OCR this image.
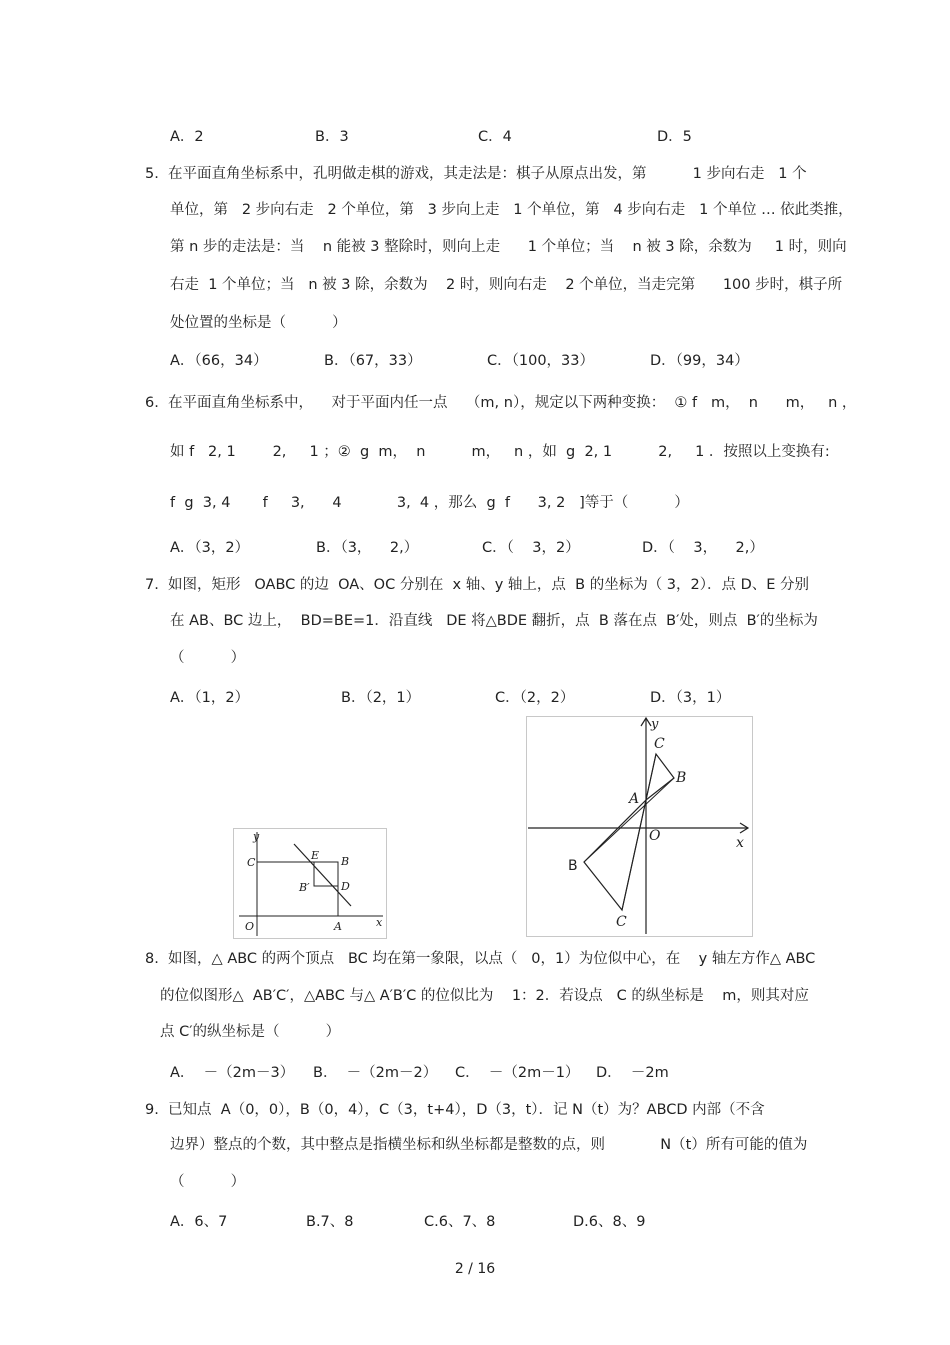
A．2	B．3	C．4	D．5
5.  在平面直角坐标系中，孔明做走棋的游戏，其走法是：棋子从原点出发，第          1 步向右走   1 个
单位，第   2 步向右走   2 个单位，第   3 步向上走   1 个单位，第   4 步向右走   1 个单位 … 依此类推，
第 n 步的走法是：当    n 能被 3 整除时，则向上走      1 个单位；当    n 被 3 除，余数为     1 时，则向
右走  1 个单位；当   n 被 3 除，余数为    2 时，则向右走    2 个单位，当走完第      100 步时，棋子所
处位置的坐标是（          ）
A．（66，34）	B．（67，33）	C．（100，33）	D．（99，34）
6.  在平面直角坐标系中，    对于平面内任一点    （m, n），规定以下两种变换：  ① f   m，  n      m，   n ，
如 f   2, 1        2,     1 ；②  g  m，  n          m，   n ，如  g  2, 1          2,     1 ．按照以上变换有:
f  g  3, 4       f     3,      4            3,  4 ，那么  g  f      3, 2   ]等于（          ）
A．（3，2）	B．（3，    2,）	C．（    3，2）	D．（    3，    2,）
7.  如图，矩形   OABC 的边  OA、OC 分别在  x 轴、y 轴上，点  B 的坐标为（ 3，2）．点 D、E 分别
在 AB、BC 边上，  BD=BE=1．沿直线   DE 将△BDE 翻折，点  B 落在点  B′处，则点  B′的坐标为
（          ）
A．（1，2）	B．（2，1）	C．（2，2）	D．（3，1）
y
C
E B
B′	D
O	A	x
y
C
B
A
O	x
B
C
8.  如图，△ ABC 的两个顶点   BC 均在第一象限，以点（   0，1）为位似中心，在    y 轴左方作△ ABC
的位似图形△  AB′C′，△ABC 与△ A′B′C 的位似比为    1：2．若设点   C 的纵坐标是    m，则其对应
点 C′的纵坐标是（          ）
A．  －（2m－3） B．  －（2m－2） C．  －（2m－1） D．  －2m
9.  已知点  A（0，0），B（0，4），C（3，t+4），D（3，t）．记 N（t）为？ABCD 内部（不含
边界）整点的个数，其中整点是指横坐标和纵坐标都是整数的点，则            N（t）所有可能的值为
（          ）
A．6、7	B.7、8	C.6、7、8	D.6、8、9
2 / 16
